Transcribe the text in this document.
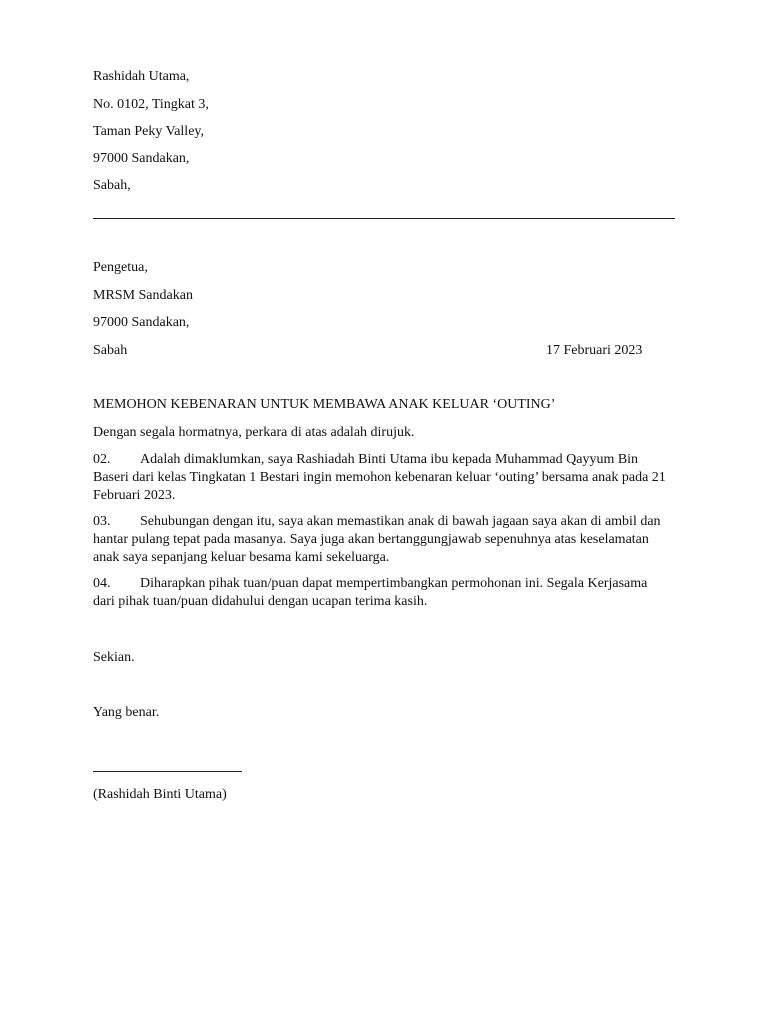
Rashidah Utama,
No. 0102, Tingkat 3,
Taman Peky Valley,
97000 Sandakan,
Sabah,
Pengetua,
MRSM Sandakan
97000 Sandakan,
Sabah	17 Februari 2023
MEMOHON KEBENARAN UNTUK MEMBAWA ANAK KELUAR ‘OUTING’
Dengan segala hormatnya, perkara di atas adalah dirujuk.
02. Adalah dimaklumkan, saya Rashiadah Binti Utama ibu kepada Muhammad Qayyum Bin
Baseri dari kelas Tingkatan 1 Bestari ingin memohon kebenaran keluar ‘outing’ bersama anak pada 21
Februari 2023.
03. Sehubungan dengan itu, saya akan memastikan anak di bawah jagaan saya akan di ambil dan
hantar pulang tepat pada masanya. Saya juga akan bertanggungjawab sepenuhnya atas keselamatan
anak saya sepanjang keluar besama kami sekeluarga.
04. Diharapkan pihak tuan/puan dapat mempertimbangkan permohonan ini. Segala Kerjasama
dari pihak tuan/puan didahului dengan ucapan terima kasih.
Sekian.
Yang benar.
(Rashidah Binti Utama)
